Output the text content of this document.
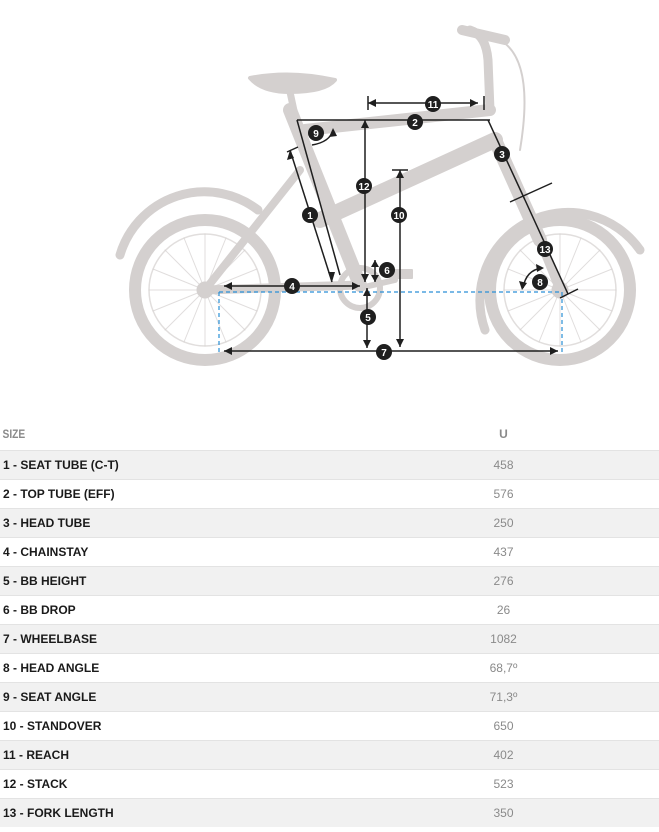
1
2
3
4
5
6
7
8
9
10
11
12
13
SIZE	U
1 - SEAT TUBE (C-T)	458
2 - TOP TUBE (EFF)	576
3 - HEAD TUBE	250
4 - CHAINSTAY	437
5 - BB HEIGHT	276
6 - BB DROP	26
7 - WHEELBASE	1082
8 - HEAD ANGLE	68,7º
9 - SEAT ANGLE	71,3º
10 - STANDOVER	650
11 - REACH	402
12 - STACK	523
13 - FORK LENGTH	350
